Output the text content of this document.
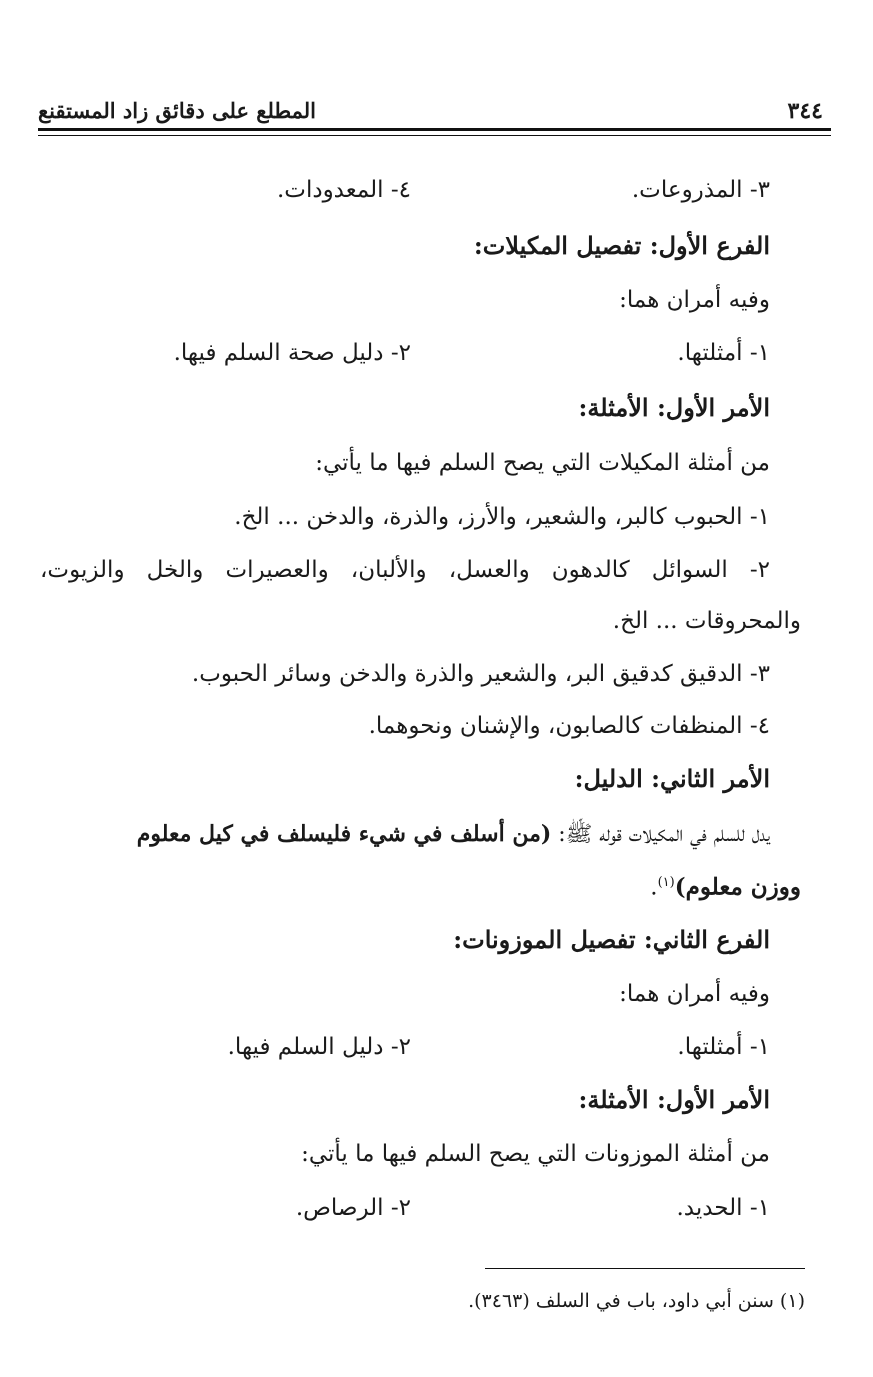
٣٤٤
المطلع على دقائق زاد المستقنع
٣- المذروعات.
٤- المعدودات.
الفرع الأول: تفصيل المكيلات:
وفيه أمران هما:
١- أمثلتها.
٢- دليل صحة السلم فيها.
الأمر الأول: الأمثلة:
من أمثلة المكيلات التي يصح السلم فيها ما يأتي:
١- الحبوب كالبر، والشعير، والأرز، والذرة، والدخن ... الخ.
٢- السوائل كالدهون والعسل، والألبان، والعصيرات والخل والزيوت،
والمحروقات ... الخ.
٣- الدقيق كدقيق البر، والشعير والذرة والدخن وسائر الحبوب.
٤- المنظفات كالصابون، والإشنان ونحوهما.
الأمر الثاني: الدليل:
يدل للسلم في المكيلات قوله ﷺ: (من أسلف في شيء فليسلف في كيل معلوم
ووزن معلوم)$^{(١)}$.
الفرع الثاني: تفصيل الموزونات:
وفيه أمران هما:
١- أمثلتها.
٢- دليل السلم فيها.
الأمر الأول: الأمثلة:
من أمثلة الموزونات التي يصح السلم فيها ما يأتي:
١- الحديد.
٢- الرصاص.
(١) سنن أبي داود، باب في السلف (٣٤٦٣).
